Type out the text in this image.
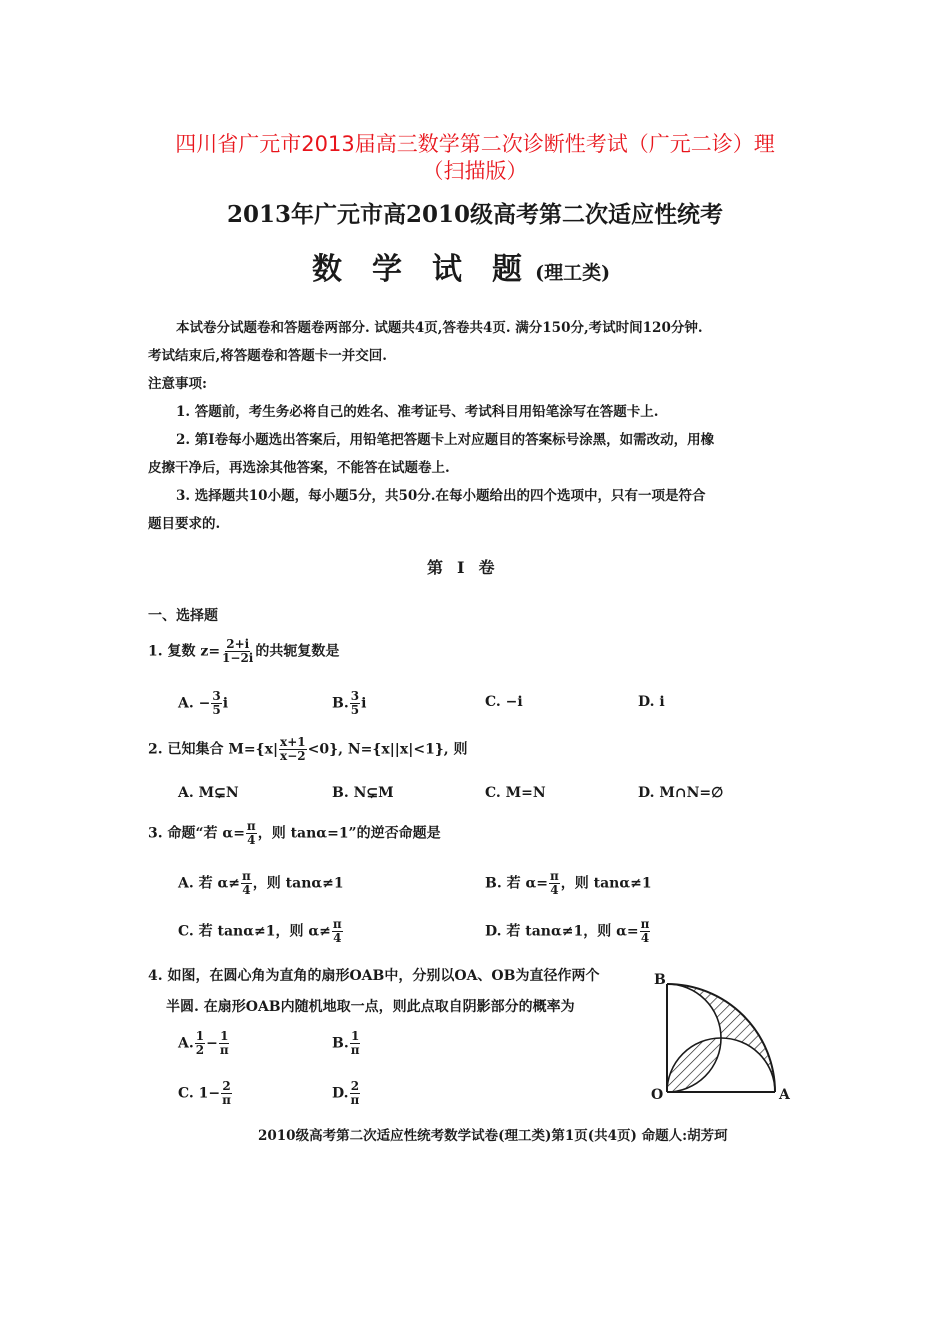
四川省广元市2013届高三数学第二次诊断性考试（广元二诊）理
（扫描版）
2013年广元市高2010级高考第二次适应性统考
数学试题 (理工类)
本试卷分试题卷和答题卷两部分. 试题共4页,答卷共4页. 满分150分,考试时间120分钟.
考试结束后,将答题卷和答题卡一并交回.
注意事项:
1. 答题前，考生务必将自己的姓名、准考证号、考试科目用铅笔涂写在答题卡上.
2. 第Ⅰ卷每小题选出答案后，用铅笔把答题卡上对应题目的答案标号涂黑，如需改动，用橡
皮擦干净后，再选涂其他答案，不能答在试题卷上.
3. 选择题共10小题，每小题5分，共50分.在每小题给出的四个选项中，只有一项是符合
题目要求的.
第Ⅰ卷
一、选择题
1. 复数 $z= \frac{2+i}{1-2i}$ 的共轭复数是
A. − $\frac{3}{5}$ i	B. $\frac{3}{5}$ i	C. −i	D. i
2. 已知集合 $M=\{x| \frac{x+1}{x-2} <0\}$, N={x||x|<1}, 则
A. M⊊N	B. N⊊M	C. M=N	D. M∩N=∅
3. 命题“若 $\alpha= \frac{\pi}{4}$ ，则 tanα=1”的逆否命题是
A. 若 $\alpha\ne \frac{\pi}{4}$ ，则 tanα≠1	B. 若 $\alpha= \frac{\pi}{4}$ ，则 tanα≠1
C. 若 tanα≠1，则 $\alpha\ne \frac{\pi}{4}$	D. 若 tanα≠1，则 $\alpha= \frac{\pi}{4}$
4. 如图，在圆心角为直角的扇形OAB中，分别以OA、OB为直径作两个
半圆. 在扇形OAB内随机地取一点，则此点取自阴影部分的概率为
A. $\frac{1}{2} - \frac{1}{\pi}$	B. $\frac{1}{\pi}$
C. $1- \frac{2}{\pi}$	D. $\frac{2}{\pi}$
B
O	A
2010级高考第二次适应性统考数学试卷(理工类)第1页(共4页) 命题人:胡芳珂
